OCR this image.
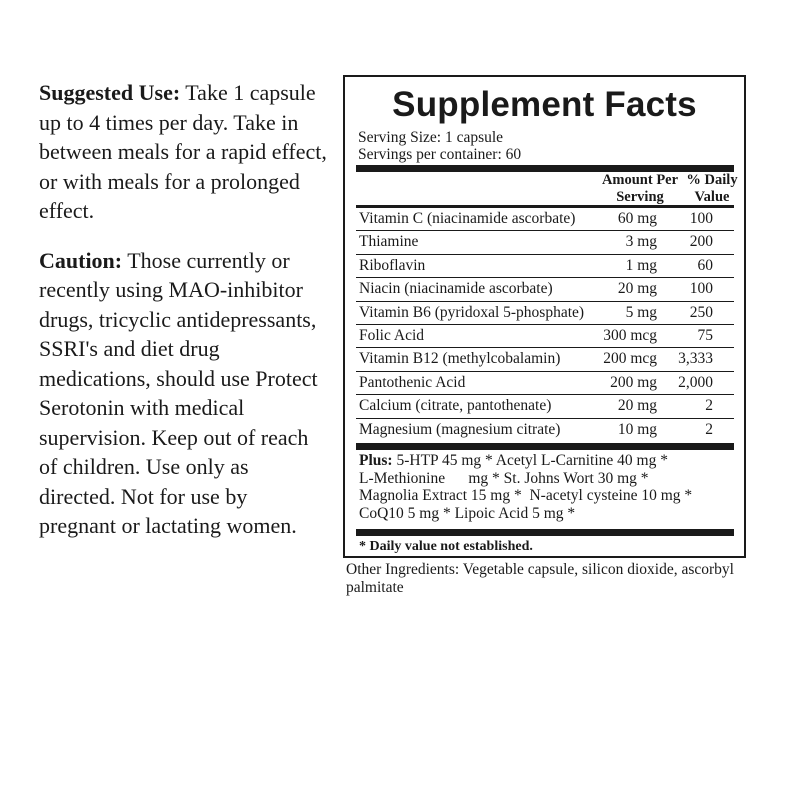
Suggested Use: Take 1 capsule up to 4 times per day. Take in between meals for a rapid effect, or with meals for a prolonged effect.

Caution: Those currently or recently using MAO-inhibitor drugs, tricyclic antidepressants, SSRI's and diet drug medications, should use Protect Serotonin with medical supervision. Keep out of reach of children. Use only as directed. Not for use by pregnant or lactating women.

Supplement Facts
Serving Size: 1 capsule
Servings per container: 60
Amount Per
Serving
% Daily
Value
Vitamin C (niacinamide ascorbate)	60 mg 100
Thiamine	3 mg 200
Riboflavin	1 mg	60
Niacin (niacinamide ascorbate)	20 mg 100
Vitamin B6 (pyridoxal 5-phosphate)	5 mg 250
Folic Acid	300 mcg	75
Vitamin B12 (methylcobalamin)	200 mcg 3,333
Pantothenic Acid	200 mg 2,000
Calcium (citrate, pantothenate)	20 mg	2
Magnesium (magnesium citrate)	10 mg	2
Plus: 5-HTP 45 mg * Acetyl L-Carnitine 40 mg *
L-Methionine      mg * St. Johns Wort 30 mg *
Magnolia Extract 15 mg *  N-acetyl cysteine 10 mg *
CoQ10 5 mg * Lipoic Acid 5 mg *
* Daily value not established.
Other Ingredients: Vegetable capsule, silicon dioxide, ascorbyl palmitate
